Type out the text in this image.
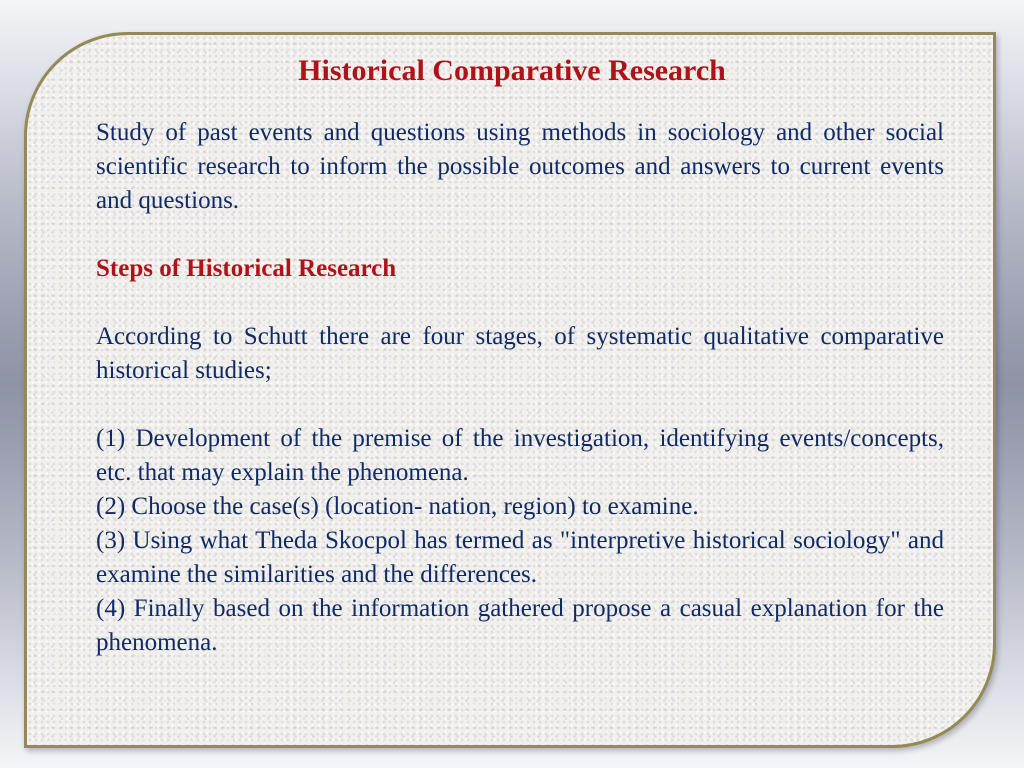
Historical Comparative Research

Study of past events and questions using methods in sociology and other social scientific research to inform the possible outcomes and answers to current events and questions.

Steps of Historical Research

According to Schutt there are four stages, of systematic qualitative comparative historical studies;

(1) Development of the premise of the investigation, identifying events/concepts, etc. that may explain the phenomena.

(2) Choose the case(s) (location- nation, region) to examine.

(3) Using what Theda Skocpol has termed as "interpretive historical sociology" and examine the similarities and the differences.

(4) Finally based on the information gathered propose a casual explanation for the phenomena.
